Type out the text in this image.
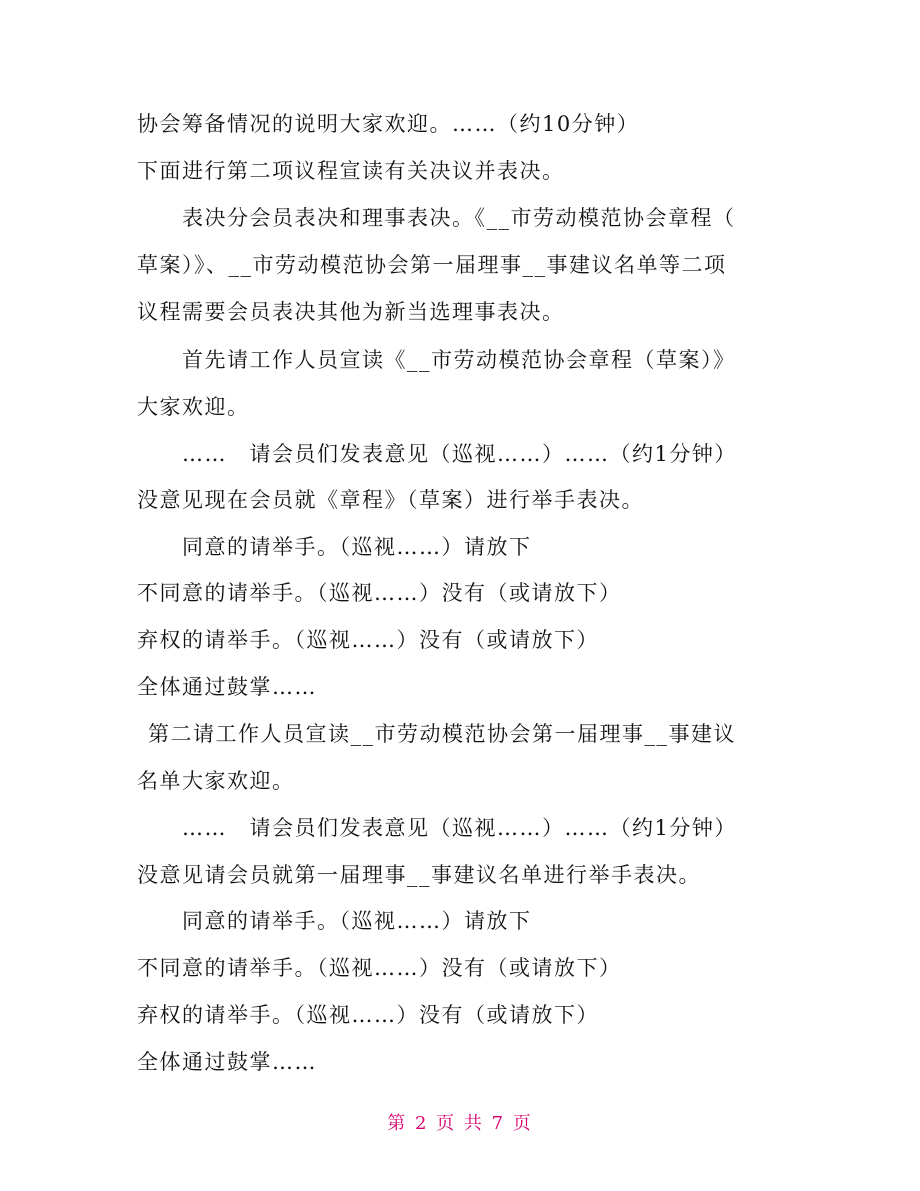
协会筹备情况的说明大家欢迎。……（约10分钟）
下面进行第二项议程宣读有关决议并表决。
表决分会员表决和理事表决。《__市劳动模范协会章程（
草案）》、__市劳动模范协会第一届理事__事建议名单等二项
议程需要会员表决其他为新当选理事表决。
首先请工作人员宣读《__市劳动模范协会章程（草案）》
大家欢迎。
……　请会员们发表意见（巡视……）……（约1分钟）
没意见现在会员就《章程》（草案）进行举手表决。
同意的请举手。（巡视……）请放下
不同意的请举手。（巡视……）没有（或请放下）
弃权的请举手。（巡视……）没有（或请放下）
全体通过鼓掌……
第二请工作人员宣读__市劳动模范协会第一届理事__事建议
名单大家欢迎。
……　请会员们发表意见（巡视……）……（约1分钟）
没意见请会员就第一届理事__事建议名单进行举手表决。
同意的请举手。（巡视……）请放下
不同意的请举手。（巡视……）没有（或请放下）
弃权的请举手。（巡视……）没有（或请放下）
全体通过鼓掌……
第 2 页 共 7 页
